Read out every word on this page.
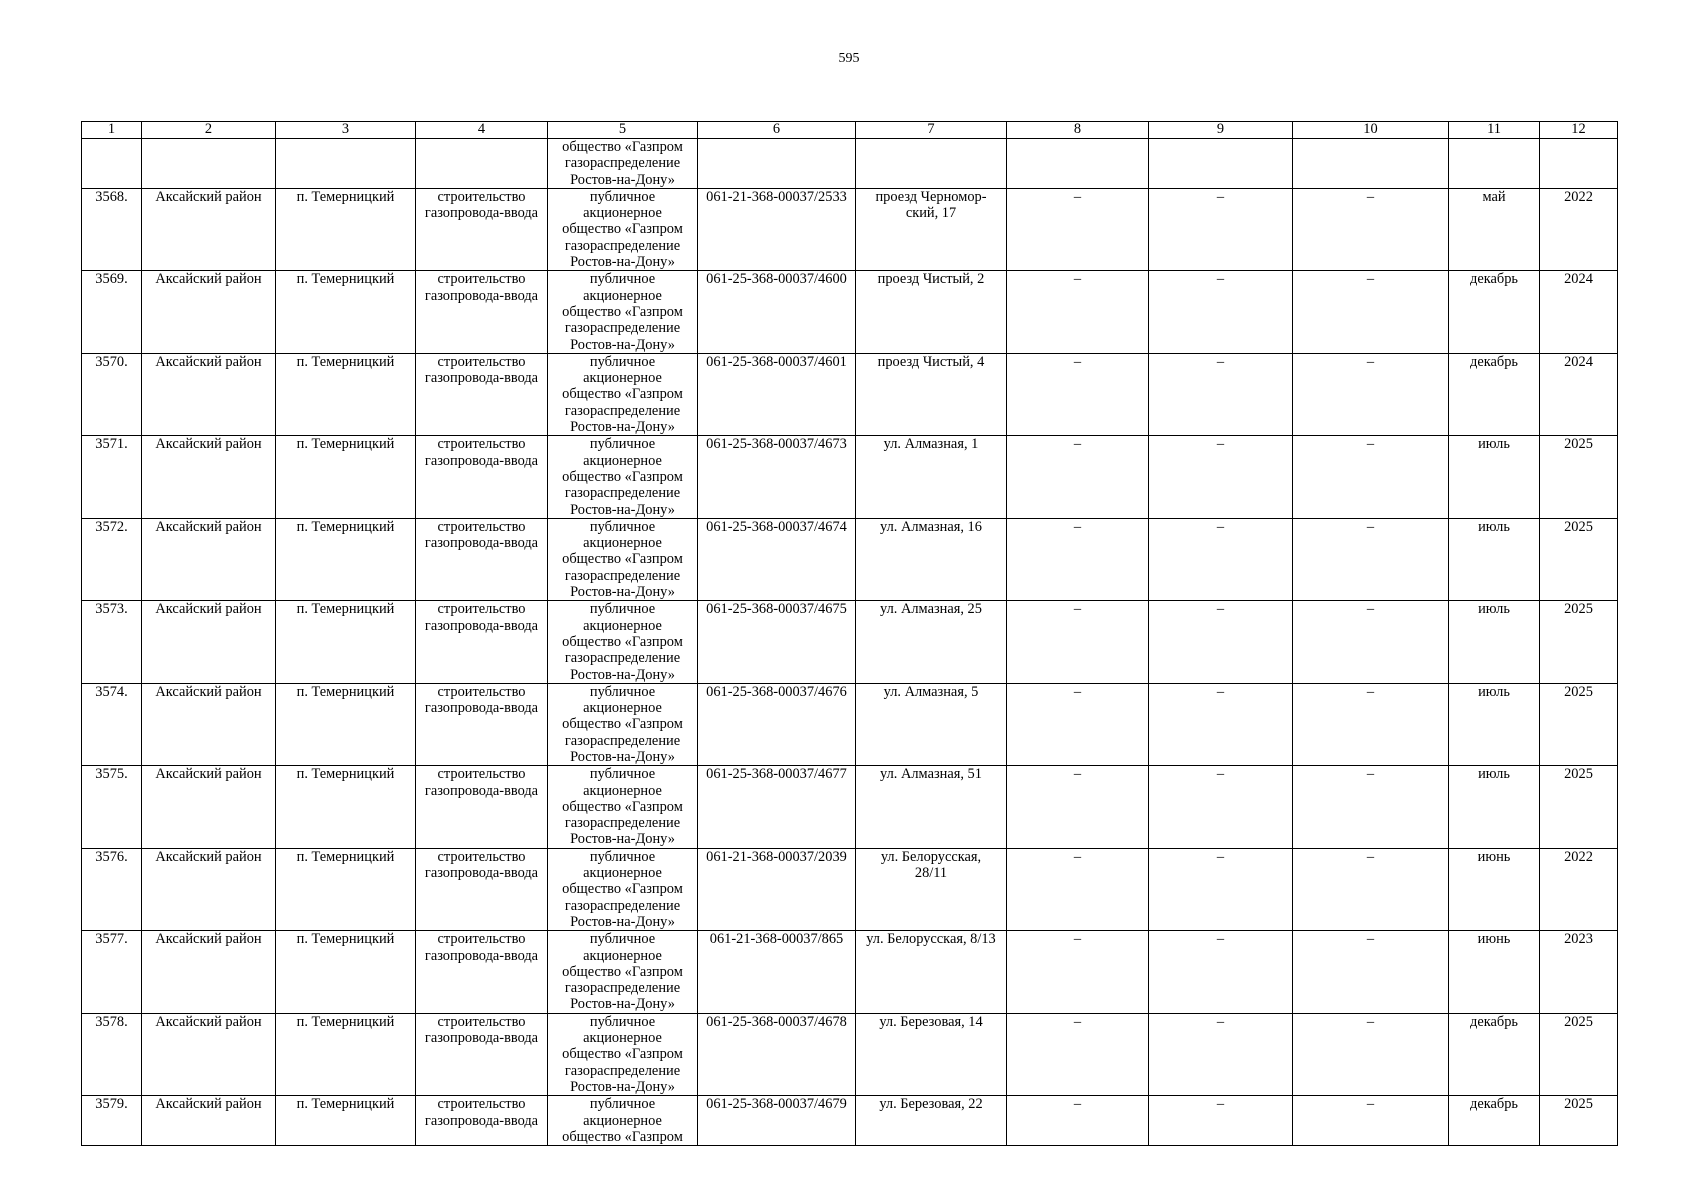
595
1	2	3	4	5	6	7	8	9	10	11	12

				общество «Газпром
газораспределение
Ростов-на-Дону»							

3568.	Аксайский район	п. Темерницкий	строительство
газопровода-ввода	публичное
акционерное
общество «Газпром
газораспределение
Ростов-на-Дону»	061-21-368-00037/2533	проезд Черномор-
ский, 17	–	–	–	май	2022
3569.	Аксайский район	п. Темерницкий	строительство
газопровода-ввода	публичное
акционерное
общество «Газпром
газораспределение
Ростов-на-Дону»	061-25-368-00037/4600	проезд Чистый, 2	–	–	–	декабрь	2024
3570.	Аксайский район	п. Темерницкий	строительство
газопровода-ввода	публичное
акционерное
общество «Газпром
газораспределение
Ростов-на-Дону»	061-25-368-00037/4601	проезд Чистый, 4	–	–	–	декабрь	2024
3571.	Аксайский район	п. Темерницкий	строительство
газопровода-ввода	публичное
акционерное
общество «Газпром
газораспределение
Ростов-на-Дону»	061-25-368-00037/4673	ул. Алмазная, 1	–	–	–	июль	2025
3572.	Аксайский район	п. Темерницкий	строительство
газопровода-ввода	публичное
акционерное
общество «Газпром
газораспределение
Ростов-на-Дону»	061-25-368-00037/4674	ул. Алмазная, 16	–	–	–	июль	2025
3573.	Аксайский район	п. Темерницкий	строительство
газопровода-ввода	публичное
акционерное
общество «Газпром
газораспределение
Ростов-на-Дону»	061-25-368-00037/4675	ул. Алмазная, 25	–	–	–	июль	2025
3574.	Аксайский район	п. Темерницкий	строительство
газопровода-ввода	публичное
акционерное
общество «Газпром
газораспределение
Ростов-на-Дону»	061-25-368-00037/4676	ул. Алмазная, 5	–	–	–	июль	2025
3575.	Аксайский район	п. Темерницкий	строительство
газопровода-ввода	публичное
акционерное
общество «Газпром
газораспределение
Ростов-на-Дону»	061-25-368-00037/4677	ул. Алмазная, 51	–	–	–	июль	2025
3576.	Аксайский район	п. Темерницкий	строительство
газопровода-ввода	публичное
акционерное
общество «Газпром
газораспределение
Ростов-на-Дону»	061-21-368-00037/2039	ул. Белорусская,
28/11	–	–	–	июнь	2022
3577.	Аксайский район	п. Темерницкий	строительство
газопровода-ввода	публичное
акционерное
общество «Газпром
газораспределение
Ростов-на-Дону»	061-21-368-00037/865	ул. Белорусская, 8/13	–	–	–	июнь	2023
3578.	Аксайский район	п. Темерницкий	строительство
газопровода-ввода	публичное
акционерное
общество «Газпром
газораспределение
Ростов-на-Дону»	061-25-368-00037/4678	ул. Березовая, 14	–	–	–	декабрь	2025
3579.	Аксайский район	п. Темерницкий	строительство
газопровода-ввода	публичное
акционерное
общество «Газпром	061-25-368-00037/4679	ул. Березовая, 22	–	–	–	декабрь	2025
